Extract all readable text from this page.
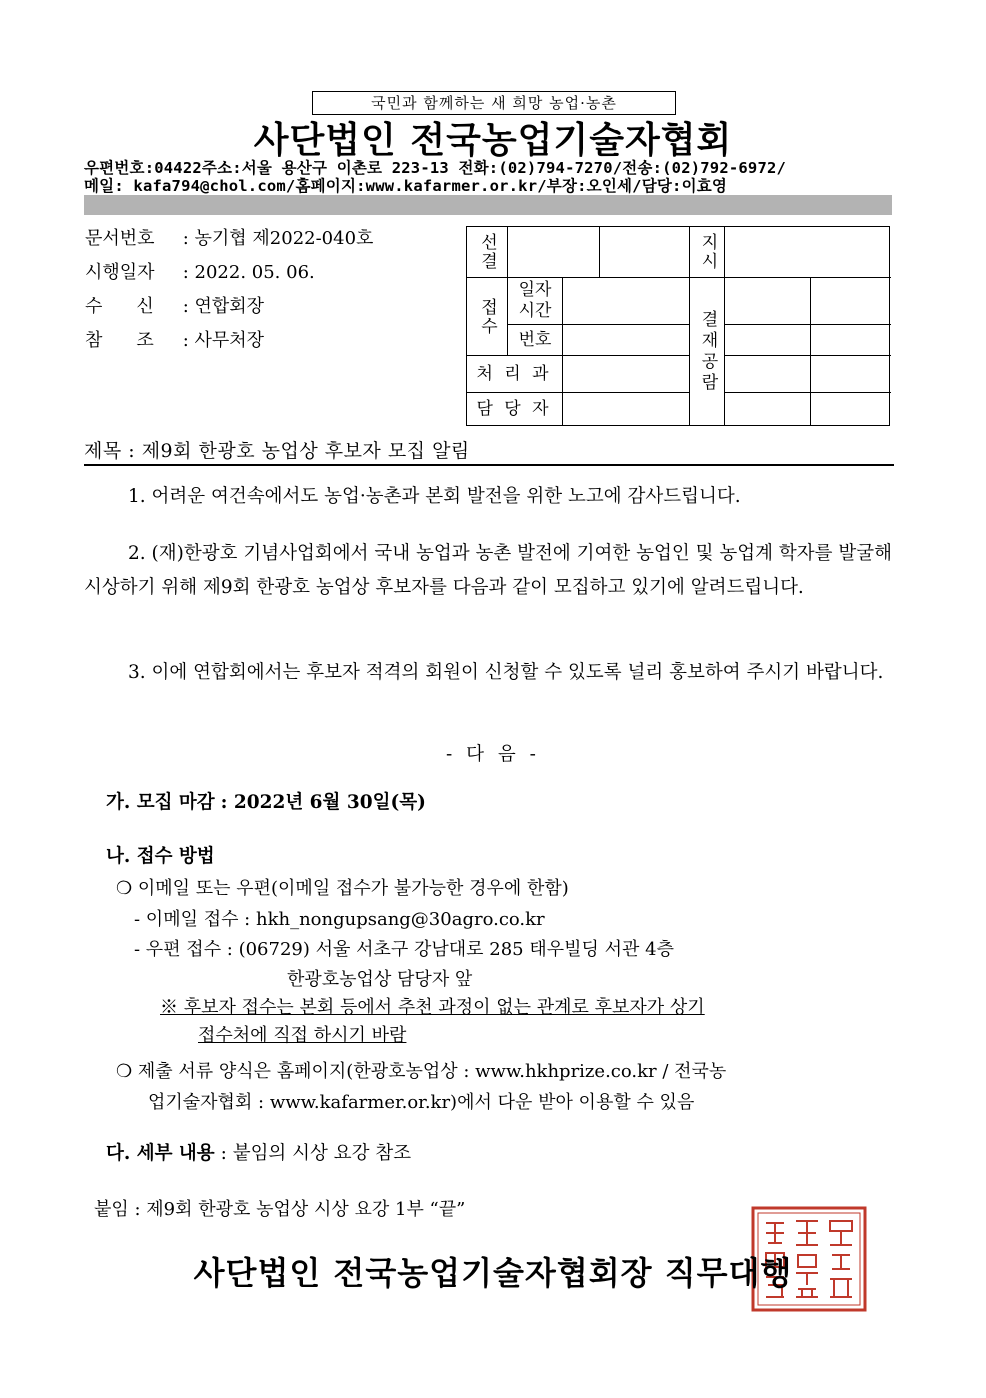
국민과 함께하는 새 희망 농업·농촌
사단법인 전국농업기술자협회
우편번호:04422주소:서울 용산구 이촌로 223-13 전화:(02)794-7270/전송:(02)792-6972/
메일: kafa794@chol.com/홈페이지:www.kafarmer.or.kr/부장:오인세/담당:이효영
문서번호 : 농기협 제2022-040호
시행일자 : 2022. 05. 06.
수신 : 연합회장
참조 : 사무처장
선결	지시
접수
일자
시간
번호
처 리 과
담 당 자
결재공람
제목 : 제9회 한광호 농업상 후보자 모집 알림

1. 어려운 여건속에서도 농업·농촌과 본회 발전을 위한 노고에 감사드립니다.

2. (재)한광호 기념사업회에서 국내 농업과 농촌 발전에 기여한 농업인 및 농업계 학자를 발굴해 시상하기 위해 제9회 한광호 농업상 후보자를 다음과 같이 모집하고 있기에 알려드립니다.

3. 이에 연합회에서는 후보자 적격의 회원이 신청할 수 있도록 널리 홍보하여 주시기 바랍니다.

- 다 음 -
가. 모집 마감 : 2022년 6월 30일(목)
나. 접수 방법
❍ 이메일 또는 우편(이메일 접수가 불가능한 경우에 한함)
- 이메일 접수 : hkh_nongupsang@30agro.co.kr
- 우편 접수 : (06729) 서울 서초구 강남대로 285 태우빌딩 서관 4층
한광호농업상 담당자 앞
※ 후보자 접수는 본회 등에서 추천 과정이 없는 관계로 후보자가 상기
접수처에 직접 하시기 바람
❍ 제출 서류 양식은 홈페이지(한광호농업상 : www.hkhprize.co.kr / 전국농
업기술자협회 : www.kafarmer.or.kr)에서 다운 받아 이용할 수 있음
다. 세부 내용 : 붙임의 시상 요강 참조
붙임 : 제9회 한광호 농업상 시상 요강 1부 “끝”
사단법인 전국농업기술자협회장 직무대행
